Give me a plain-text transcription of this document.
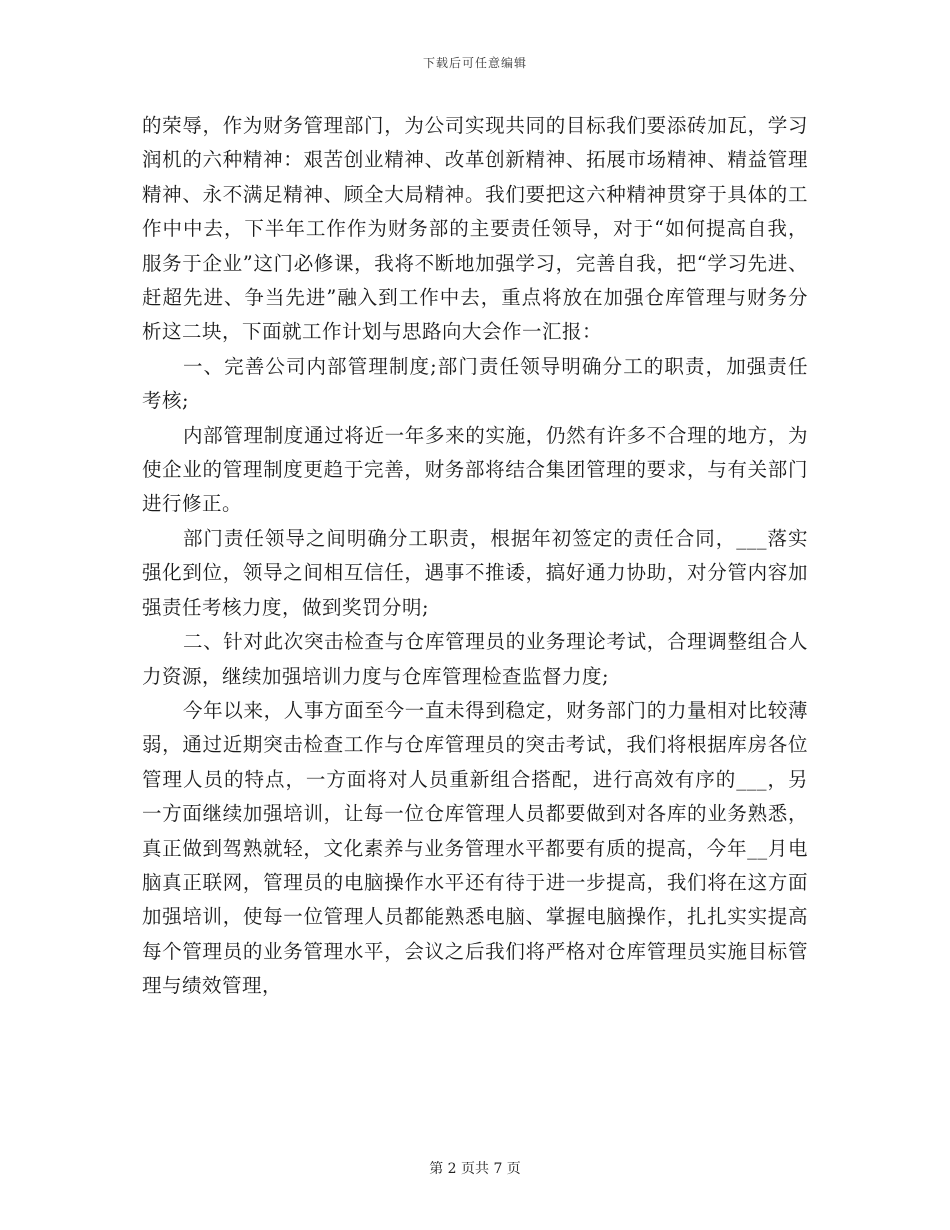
下载后可任意编辑

的荣辱，作为财务管理部门，为公司实现共同的目标我们要添砖加瓦，学习润机的六种精神：艰苦创业精神、改革创新精神、拓展市场精神、精益管理精神、永不满足精神、顾全大局精神。我们要把这六种精神贯穿于具体的工作中中去，下半年工作作为财务部的主要责任领导，对于“如何提高自我，服务于企业”这门必修课，我将不断地加强学习，完善自我，把“学习先进、赶超先进、争当先进”融入到工作中去，重点将放在加强仓库管理与财务分析这二块，下面就工作计划与思路向大会作一汇报：

一、完善公司内部管理制度;部门责任领导明确分工的职责，加强责任考核;

内部管理制度通过将近一年多来的实施，仍然有许多不合理的地方，为使企业的管理制度更趋于完善，财务部将结合集团管理的要求，与有关部门进行修正。

部门责任领导之间明确分工职责，根据年初签定的责任合同，___落实强化到位，领导之间相互信任，遇事不推诿，搞好通力协助，对分管内容加强责任考核力度，做到奖罚分明;

二、针对此次突击检查与仓库管理员的业务理论考试，合理调整组合人力资源，继续加强培训力度与仓库管理检查监督力度;

今年以来，人事方面至今一直未得到稳定，财务部门的力量相对比较薄弱，通过近期突击检查工作与仓库管理员的突击考试，我们将根据库房各位管理人员的特点，一方面将对人员重新组合搭配，进行高效有序的___，另一方面继续加强培训，让每一位仓库管理人员都要做到对各库的业务熟悉，真正做到驾熟就轻，文化素养与业务管理水平都要有质的提高，今年__月电脑真正联网，管理员的电脑操作水平还有待于进一步提高，我们将在这方面加强培训，使每一位管理人员都能熟悉电脑、掌握电脑操作，扎扎实实提高每个管理员的业务管理水平，会议之后我们将严格对仓库管理员实施目标管理与绩效管理，

第 2 页共 7 页
